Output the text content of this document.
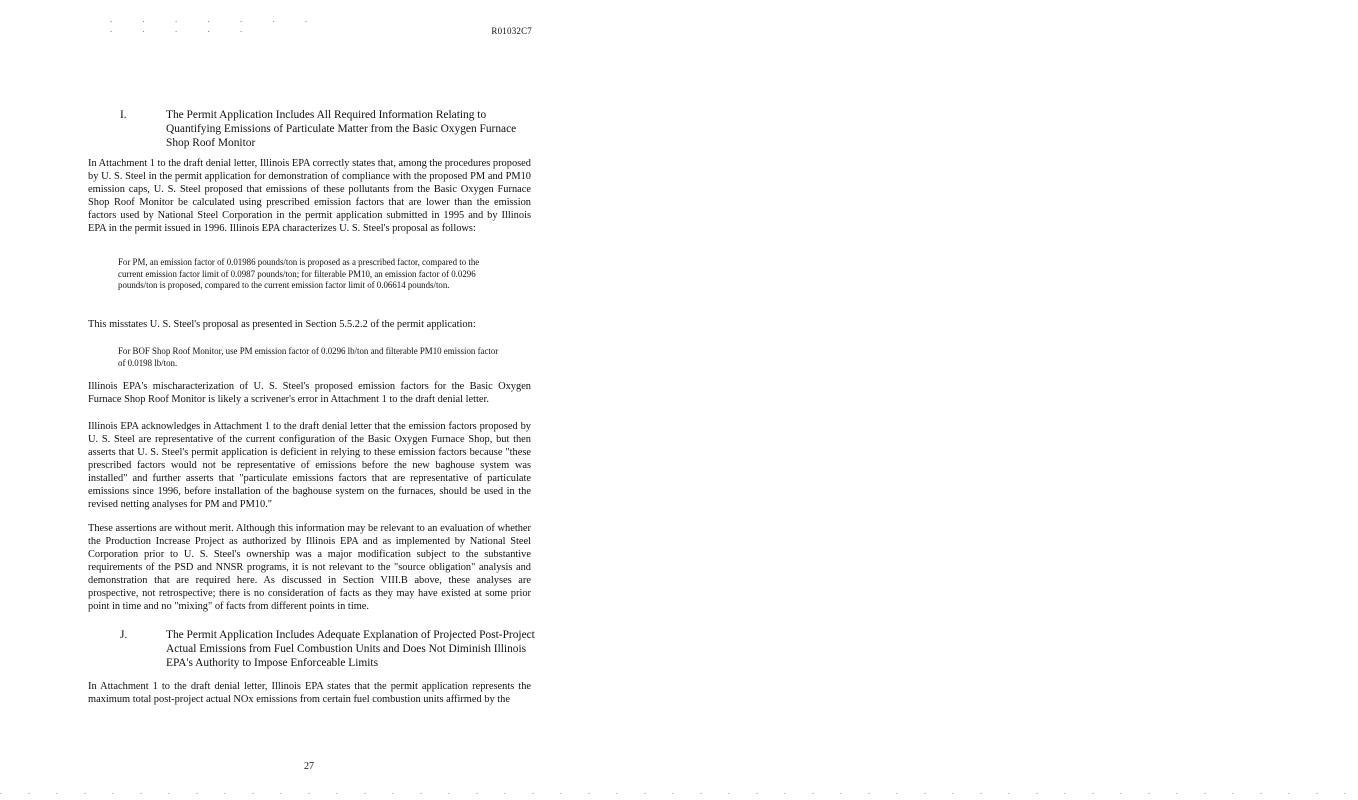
. . . . . . . . . . . .	R01032C7
I.	The Permit Application Includes All Required Information Relating to Quantifying Emissions of Particulate Matter from the Basic Oxygen Furnace Shop Roof Monitor

In Attachment 1 to the draft denial letter, Illinois EPA correctly states that, among the procedures proposed by U. S. Steel in the permit application for demonstration of compliance with the proposed PM and PM10 emission caps, U. S. Steel proposed that emissions of these pollutants from the Basic Oxygen Furnace Shop Roof Monitor be calculated using prescribed emission factors that are lower than the emission factors used by National Steel Corporation in the permit application submitted in 1995 and by Illinois EPA in the permit issued in 1996. Illinois EPA characterizes U. S. Steel's proposal as follows:

For PM, an emission factor of 0.01986 pounds/ton is proposed as a prescribed factor, compared to the current emission factor limit of 0.0987 pounds/ton; for filterable PM10, an emission factor of 0.0296 pounds/ton is proposed, compared to the current emission factor limit of 0.06614 pounds/ton.

This misstates U. S. Steel's proposal as presented in Section 5.5.2.2 of the permit application:

For BOF Shop Roof Monitor, use PM emission factor of 0.0296 lb/ton and filterable PM10 emission factor of 0.0198 lb/ton.

Illinois EPA's mischaracterization of U. S. Steel's proposed emission factors for the Basic Oxygen Furnace Shop Roof Monitor is likely a scrivener's error in Attachment 1 to the draft denial letter.

Illinois EPA acknowledges in Attachment 1 to the draft denial letter that the emission factors proposed by U. S. Steel are representative of the current configuration of the Basic Oxygen Furnace Shop, but then asserts that U. S. Steel's permit application is deficient in relying to these emission factors because "these prescribed factors would not be representative of emissions before the new baghouse system was installed" and further asserts that "particulate emissions factors that are representative of particulate emissions since 1996, before installation of the baghouse system on the furnaces, should be used in the revised netting analyses for PM and PM10."

These assertions are without merit. Although this information may be relevant to an evaluation of whether the Production Increase Project as authorized by Illinois EPA and as implemented by National Steel Corporation prior to U. S. Steel's ownership was a major modification subject to the substantive requirements of the PSD and NNSR programs, it is not relevant to the "source obligation" analysis and demonstration that are required here. As discussed in Section VIII.B above, these analyses are prospective, not retrospective; there is no consideration of facts as they may have existed at some prior point in time and no "mixing" of facts from different points in time.

J.	The Permit Application Includes Adequate Explanation of Projected Post-Project Actual Emissions from Fuel Combustion Units and Does Not Diminish Illinois EPA's Authority to Impose Enforceable Limits

In Attachment 1 to the draft denial letter, Illinois EPA states that the permit application represents the maximum total post-project actual NOx emissions from certain fuel combustion units affirmed by the

27
. . . . . . . . . . . . . . . . . . . . . . . . . . . . . . . . . . . . . . . . . . . . . . . . .
